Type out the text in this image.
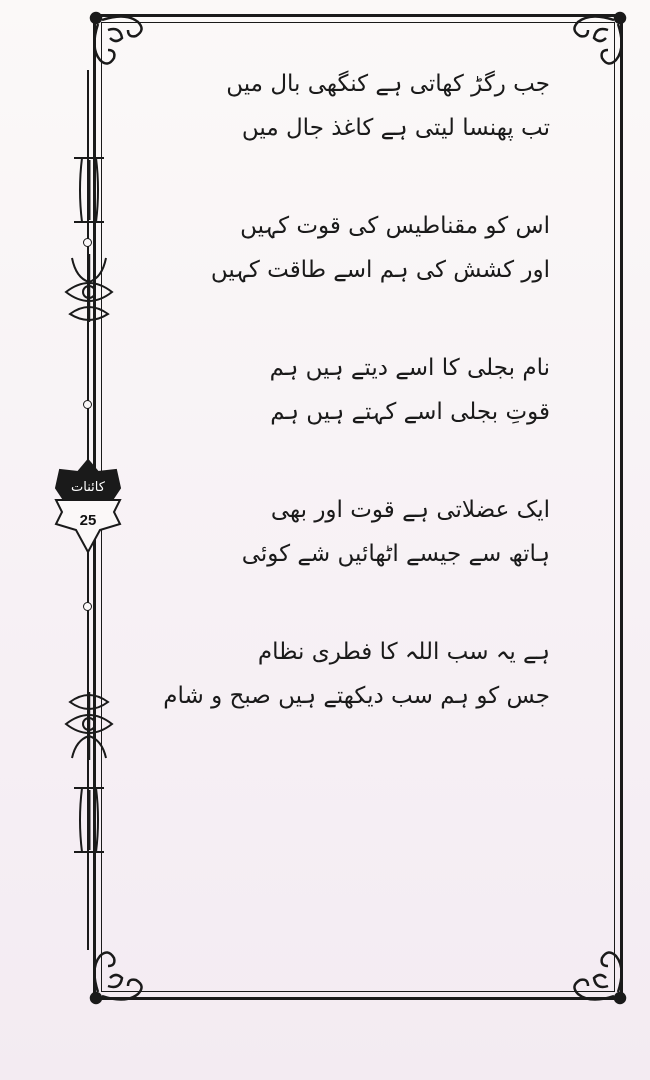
کائنات
25
جب رگڑ کھاتی ہے کنگھی بال میں
تب پھنسا لیتی ہے کاغذ جال میں
اس کو مقناطیس کی قوت کہیں
اور کشش کی ہم اسے طاقت کہیں
نام بجلی کا اسے دیتے ہیں ہم
قوتِ بجلی اسے کہتے ہیں ہم
ایک عضلاتی ہے قوت اور بھی
ہاتھ سے جیسے اٹھائیں شے کوئی
ہے یہ سب اللہ کا فطری نظام
جس کو ہم سب دیکھتے ہیں صبح و شام
